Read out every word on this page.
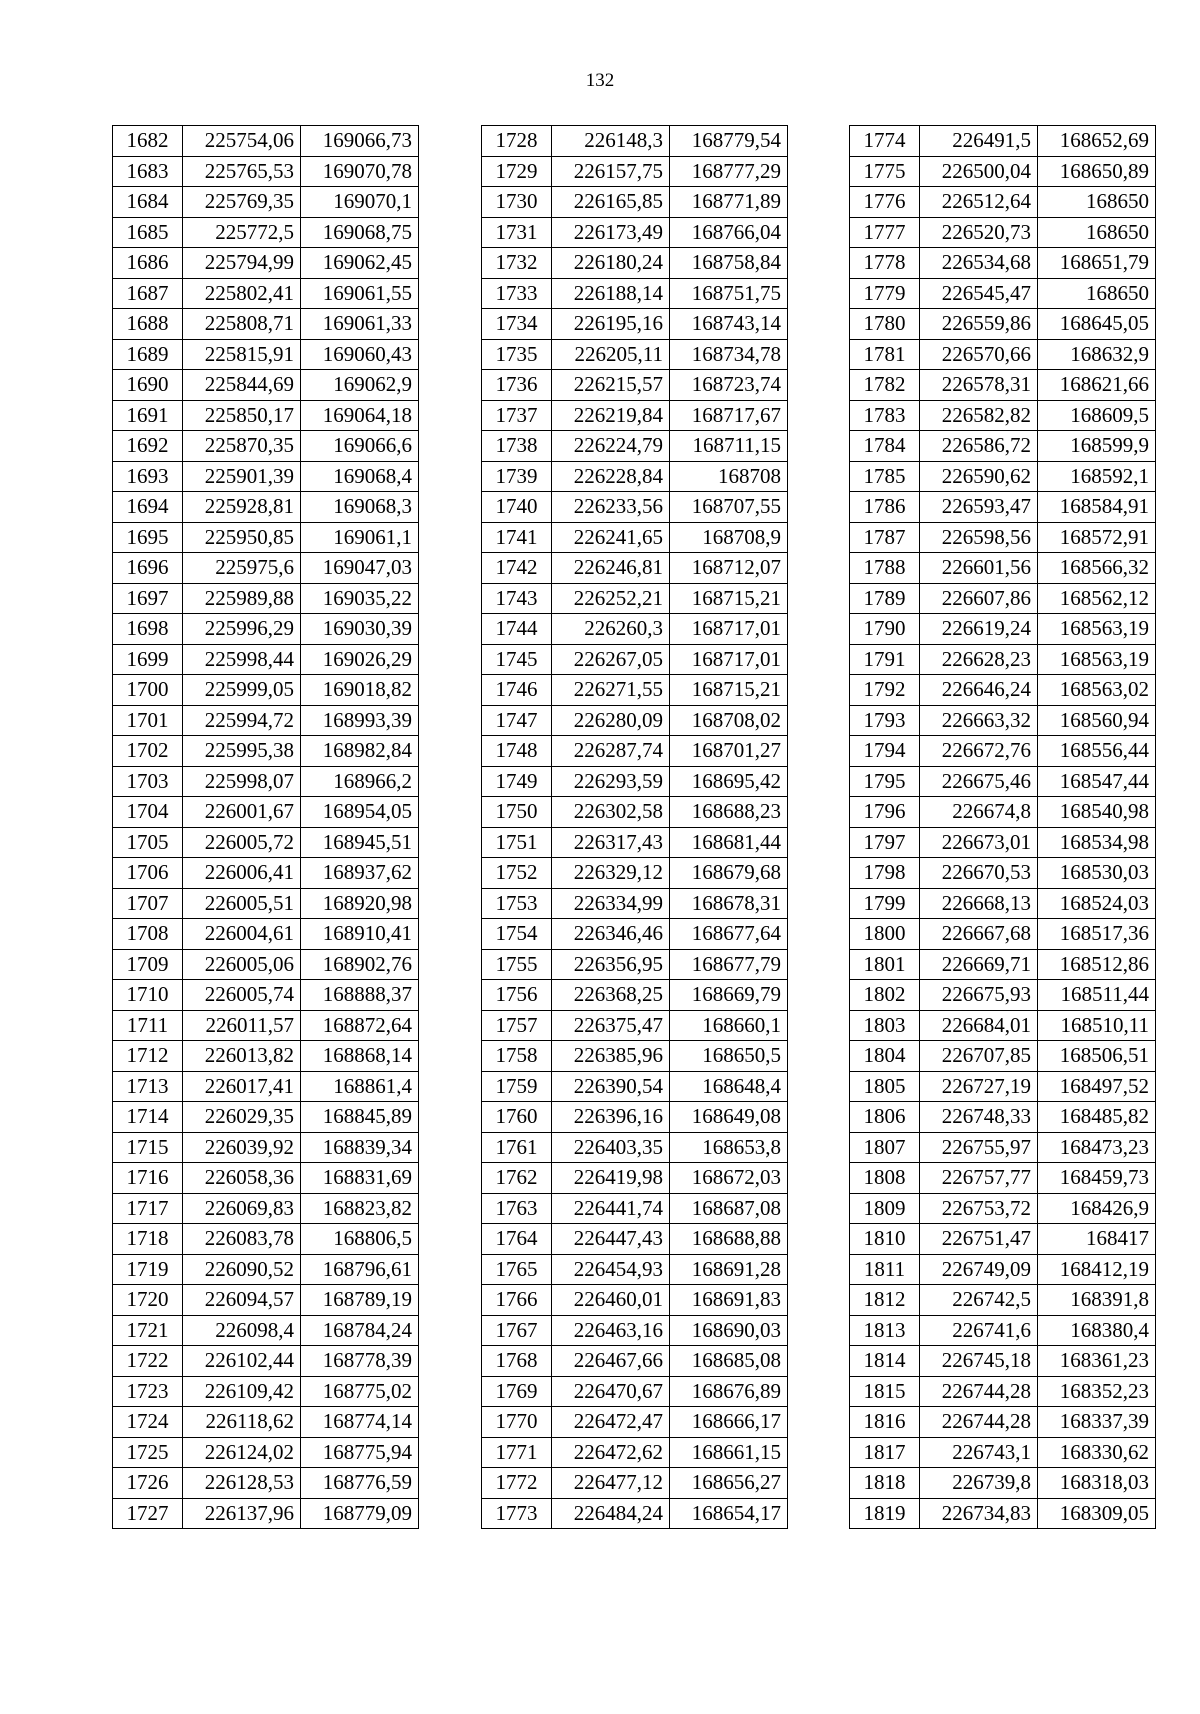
132
1682	225754,06	169066,73
1683	225765,53	169070,78
1684	225769,35	169070,1
1685	225772,5	169068,75
1686	225794,99	169062,45
1687	225802,41	169061,55
1688	225808,71	169061,33
1689	225815,91	169060,43
1690	225844,69	169062,9
1691	225850,17	169064,18
1692	225870,35	169066,6
1693	225901,39	169068,4
1694	225928,81	169068,3
1695	225950,85	169061,1
1696	225975,6	169047,03
1697	225989,88	169035,22
1698	225996,29	169030,39
1699	225998,44	169026,29
1700	225999,05	169018,82
1701	225994,72	168993,39
1702	225995,38	168982,84
1703	225998,07	168966,2
1704	226001,67	168954,05
1705	226005,72	168945,51
1706	226006,41	168937,62
1707	226005,51	168920,98
1708	226004,61	168910,41
1709	226005,06	168902,76
1710	226005,74	168888,37
1711	226011,57	168872,64
1712	226013,82	168868,14
1713	226017,41	168861,4
1714	226029,35	168845,89
1715	226039,92	168839,34
1716	226058,36	168831,69
1717	226069,83	168823,82
1718	226083,78	168806,5
1719	226090,52	168796,61
1720	226094,57	168789,19
1721	226098,4	168784,24
1722	226102,44	168778,39
1723	226109,42	168775,02
1724	226118,62	168774,14
1725	226124,02	168775,94
1726	226128,53	168776,59
1727	226137,96	168779,09
1728	226148,3	168779,54
1729	226157,75	168777,29
1730	226165,85	168771,89
1731	226173,49	168766,04
1732	226180,24	168758,84
1733	226188,14	168751,75
1734	226195,16	168743,14
1735	226205,11	168734,78
1736	226215,57	168723,74
1737	226219,84	168717,67
1738	226224,79	168711,15
1739	226228,84	168708
1740	226233,56	168707,55
1741	226241,65	168708,9
1742	226246,81	168712,07
1743	226252,21	168715,21
1744	226260,3	168717,01
1745	226267,05	168717,01
1746	226271,55	168715,21
1747	226280,09	168708,02
1748	226287,74	168701,27
1749	226293,59	168695,42
1750	226302,58	168688,23
1751	226317,43	168681,44
1752	226329,12	168679,68
1753	226334,99	168678,31
1754	226346,46	168677,64
1755	226356,95	168677,79
1756	226368,25	168669,79
1757	226375,47	168660,1
1758	226385,96	168650,5
1759	226390,54	168648,4
1760	226396,16	168649,08
1761	226403,35	168653,8
1762	226419,98	168672,03
1763	226441,74	168687,08
1764	226447,43	168688,88
1765	226454,93	168691,28
1766	226460,01	168691,83
1767	226463,16	168690,03
1768	226467,66	168685,08
1769	226470,67	168676,89
1770	226472,47	168666,17
1771	226472,62	168661,15
1772	226477,12	168656,27
1773	226484,24	168654,17
1774	226491,5	168652,69
1775	226500,04	168650,89
1776	226512,64	168650
1777	226520,73	168650
1778	226534,68	168651,79
1779	226545,47	168650
1780	226559,86	168645,05
1781	226570,66	168632,9
1782	226578,31	168621,66
1783	226582,82	168609,5
1784	226586,72	168599,9
1785	226590,62	168592,1
1786	226593,47	168584,91
1787	226598,56	168572,91
1788	226601,56	168566,32
1789	226607,86	168562,12
1790	226619,24	168563,19
1791	226628,23	168563,19
1792	226646,24	168563,02
1793	226663,32	168560,94
1794	226672,76	168556,44
1795	226675,46	168547,44
1796	226674,8	168540,98
1797	226673,01	168534,98
1798	226670,53	168530,03
1799	226668,13	168524,03
1800	226667,68	168517,36
1801	226669,71	168512,86
1802	226675,93	168511,44
1803	226684,01	168510,11
1804	226707,85	168506,51
1805	226727,19	168497,52
1806	226748,33	168485,82
1807	226755,97	168473,23
1808	226757,77	168459,73
1809	226753,72	168426,9
1810	226751,47	168417
1811	226749,09	168412,19
1812	226742,5	168391,8
1813	226741,6	168380,4
1814	226745,18	168361,23
1815	226744,28	168352,23
1816	226744,28	168337,39
1817	226743,1	168330,62
1818	226739,8	168318,03
1819	226734,83	168309,05
